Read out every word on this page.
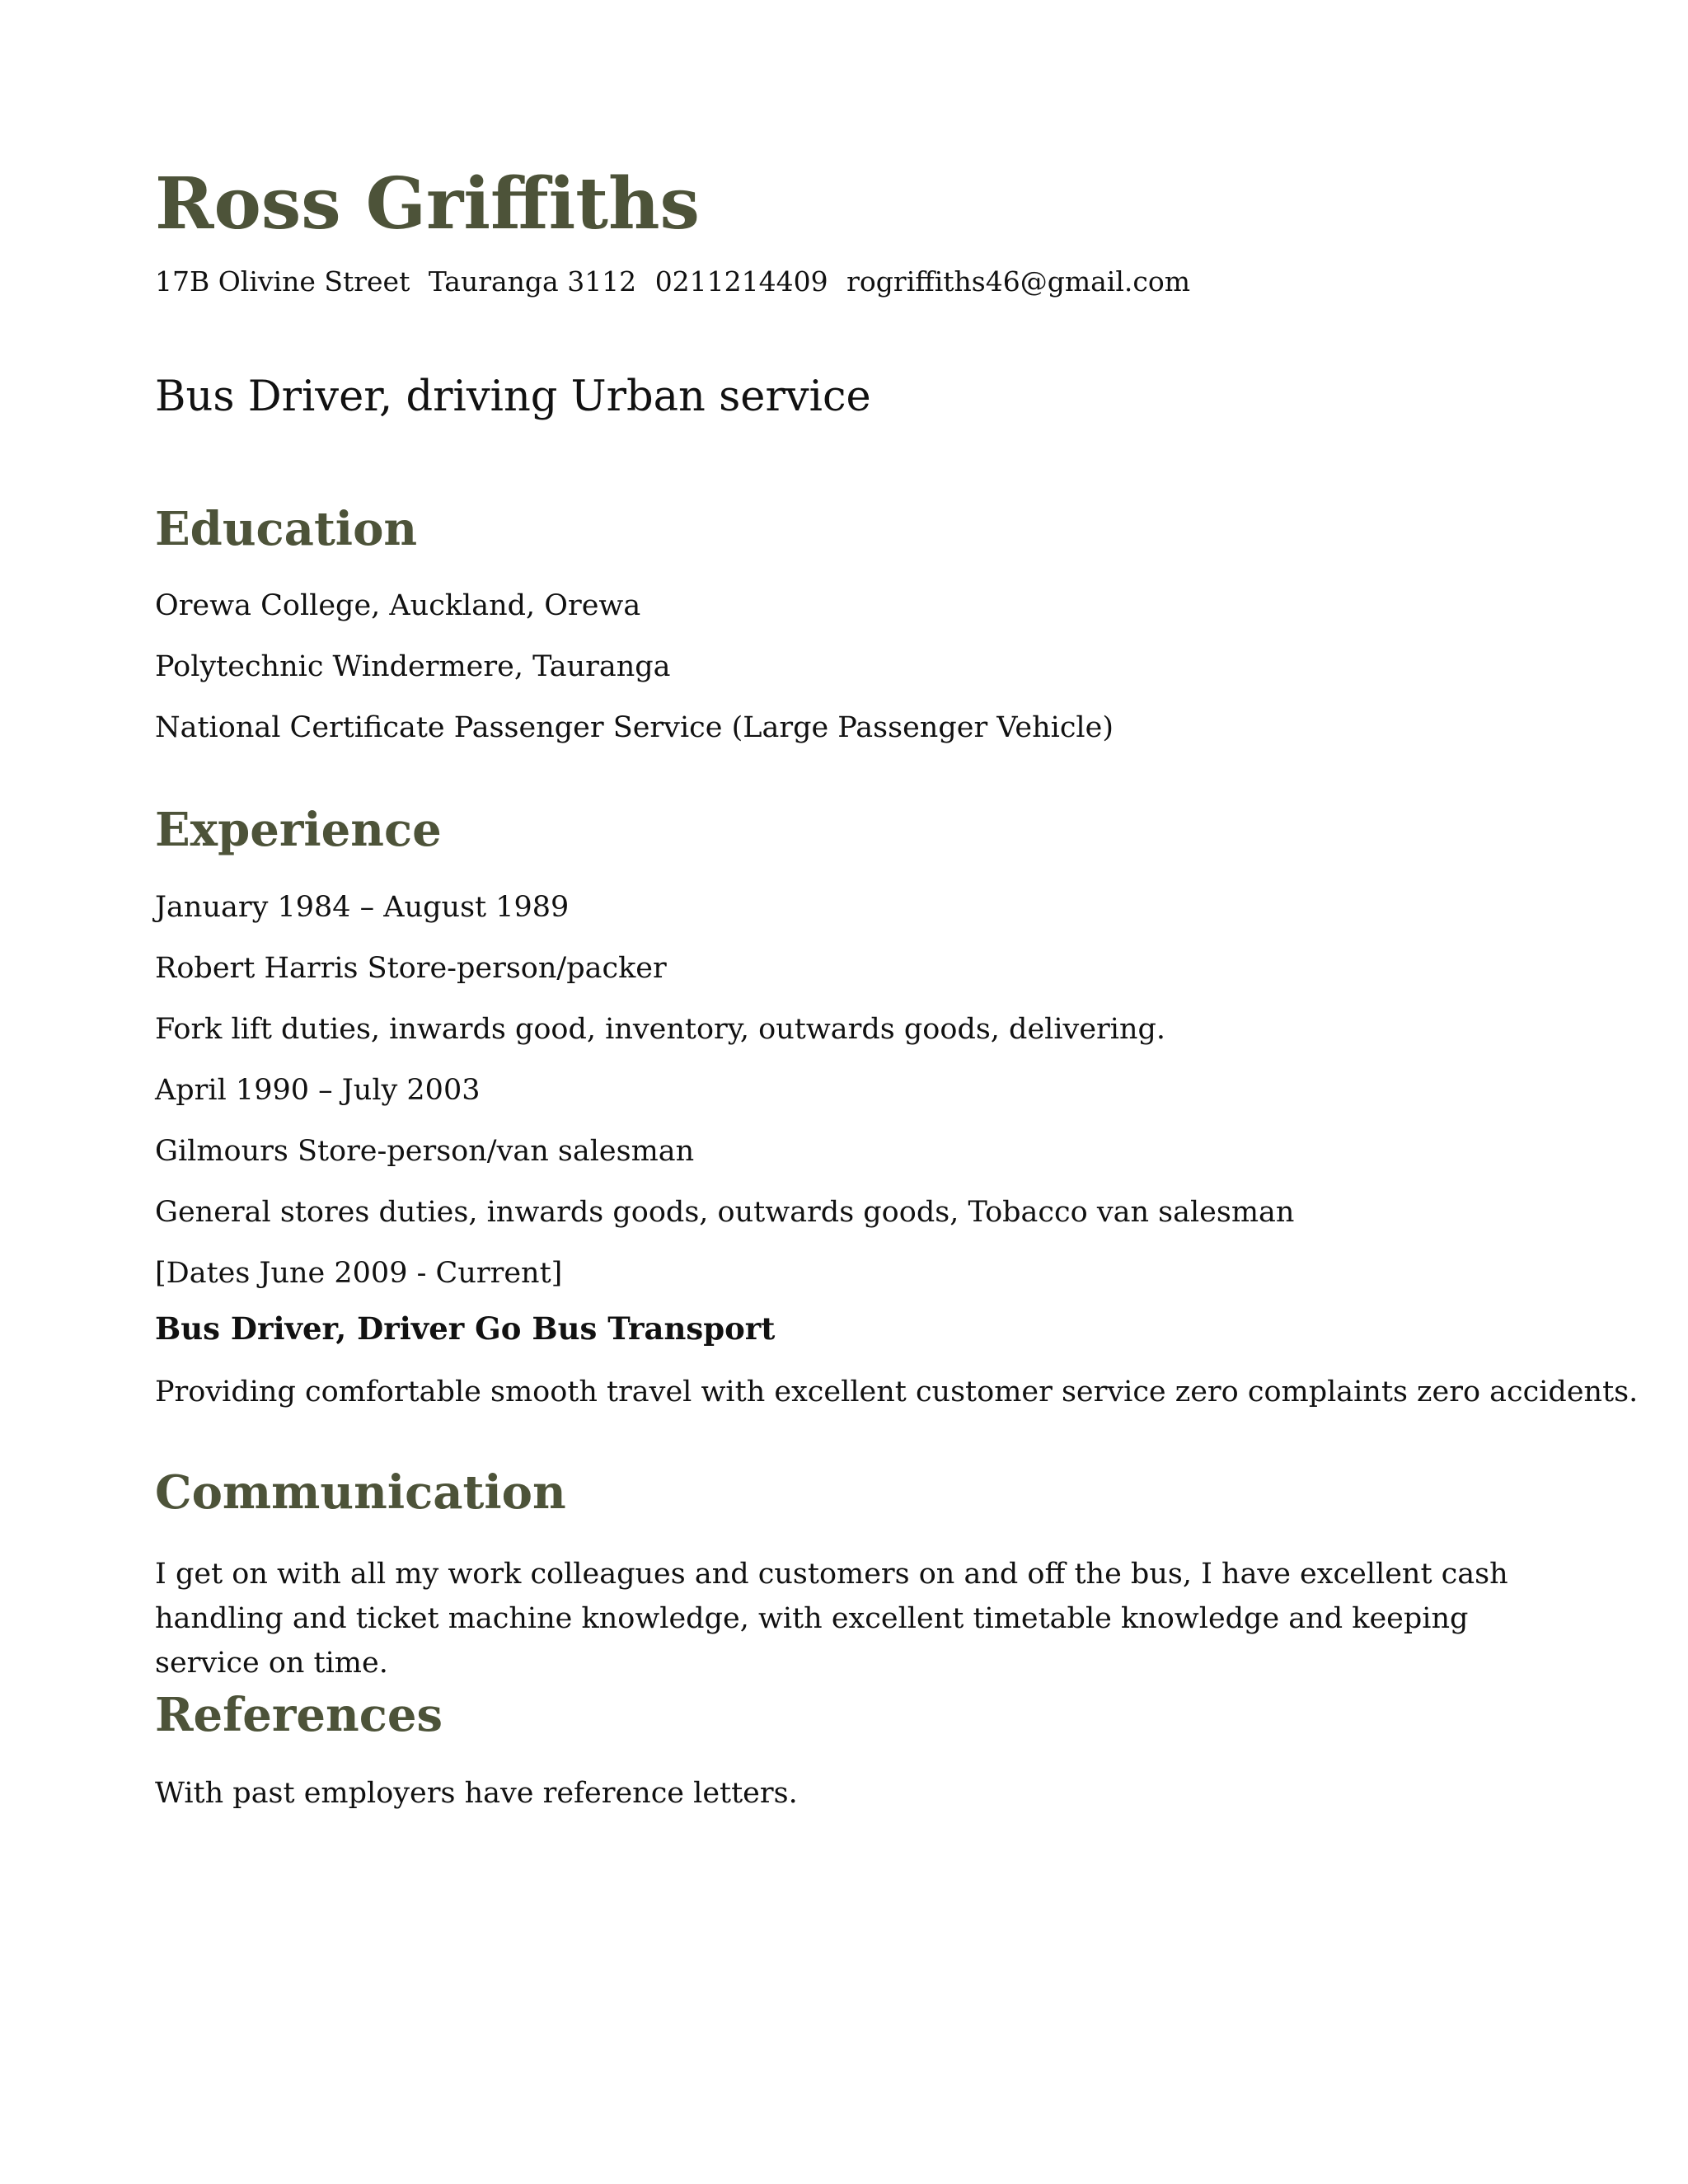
Ross Griffiths
17B Olivine Street Tauranga 3112 0211214409 rogriffiths46@gmail.com
Bus Driver, driving Urban service
Education
Orewa College, Auckland, Orewa
Polytechnic Windermere, Tauranga
National Certificate Passenger Service (Large Passenger Vehicle)
Experience
January 1984 – August 1989
Robert Harris Store-person/packer
Fork lift duties, inwards good, inventory, outwards goods, delivering.
April 1990 – July 2003
Gilmours Store-person/van salesman
General stores duties, inwards goods, outwards goods, Tobacco van salesman
[Dates June 2009 - Current]
Bus Driver, Driver Go Bus Transport
Providing comfortable smooth travel with excellent customer service zero complaints zero accidents.
Communication

I get on with all my work colleagues and customers on and off the bus, I have excellent cash handling and ticket machine knowledge, with excellent timetable knowledge and keeping service on time.

References
With past employers have reference letters.
